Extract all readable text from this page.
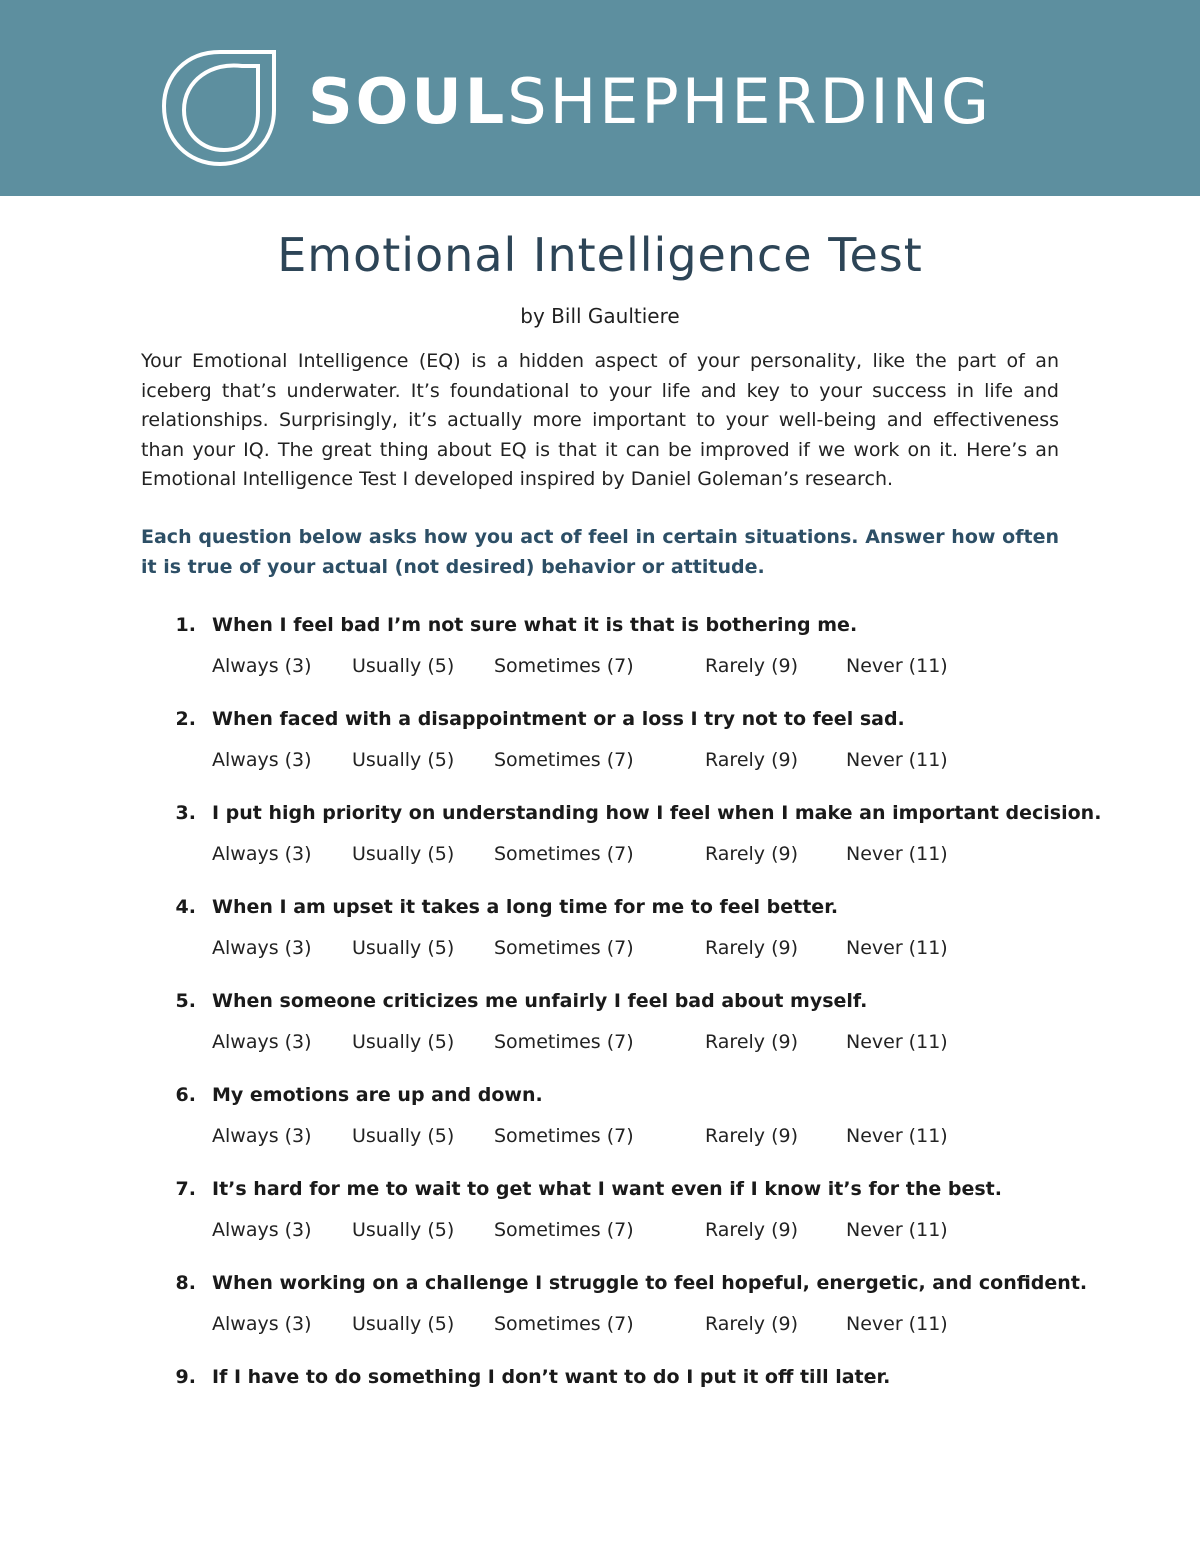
SOULSHEPHERDING
Emotional Intelligence Test
by Bill Gaultiere
Your Emotional Intelligence (EQ) is a hidden aspect of your personality, like the part of an iceberg that’s underwater. It’s foundational to your life and key to your success in life and relationships. Surprisingly, it’s actually more important to your well-being and effectiveness than your IQ. The great thing about EQ is that it can be improved if we work on it. Here’s an Emotional Intelligence Test I developed inspired by Daniel Goleman’s research.
Each question below asks how you act of feel in certain situations. Answer how often it is true of your actual (not desired) behavior or attitude.
1. When I feel bad I’m not sure what it is that is bothering me.
Always (3) Usually (5) Sometimes (7)	Rarely (9)	Never (11)
2. When faced with a disappointment or a loss I try not to feel sad.
Always (3) Usually (5) Sometimes (7)	Rarely (9)	Never (11)
3. I put high priority on understanding how I feel when I make an important decision.
Always (3) Usually (5) Sometimes (7)	Rarely (9)	Never (11)
4. When I am upset it takes a long time for me to feel better.
Always (3) Usually (5) Sometimes (7)	Rarely (9)	Never (11)
5. When someone criticizes me unfairly I feel bad about myself.
Always (3) Usually (5) Sometimes (7)	Rarely (9)	Never (11)
6. My emotions are up and down.
Always (3) Usually (5) Sometimes (7)	Rarely (9)	Never (11)
7. It’s hard for me to wait to get what I want even if I know it’s for the best.
Always (3) Usually (5) Sometimes (7)	Rarely (9)	Never (11)
8. When working on a challenge I struggle to feel hopeful, energetic, and confident.
Always (3) Usually (5) Sometimes (7)	Rarely (9)	Never (11)
9. If I have to do something I don’t want to do I put it off till later.
